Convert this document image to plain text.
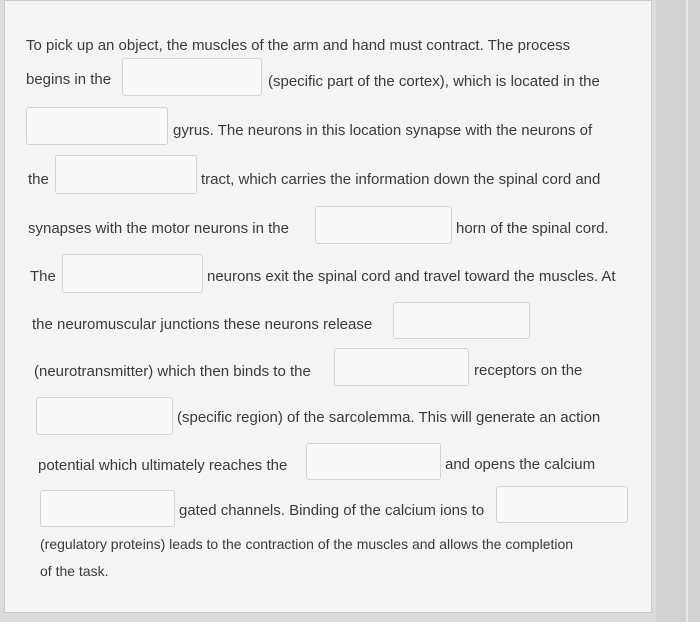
To pick up an object, the muscles of the arm and hand must contract. The process
begins in the	(specific part of the cortex), which is located in the
gyrus. The neurons in this location synapse with the neurons of
the	tract, which carries the information down the spinal cord and
synapses with the motor neurons in the	horn of the spinal cord.
The	neurons exit the spinal cord and travel toward the muscles. At
the neuromuscular junctions these neurons release
(neurotransmitter) which then binds to the	receptors on the
(specific region) of the sarcolemma. This will generate an action
potential which ultimately reaches the	and opens the calcium
gated channels. Binding of the calcium ions to
(regulatory proteins) leads to the contraction of the muscles and allows the completion
of the task.
